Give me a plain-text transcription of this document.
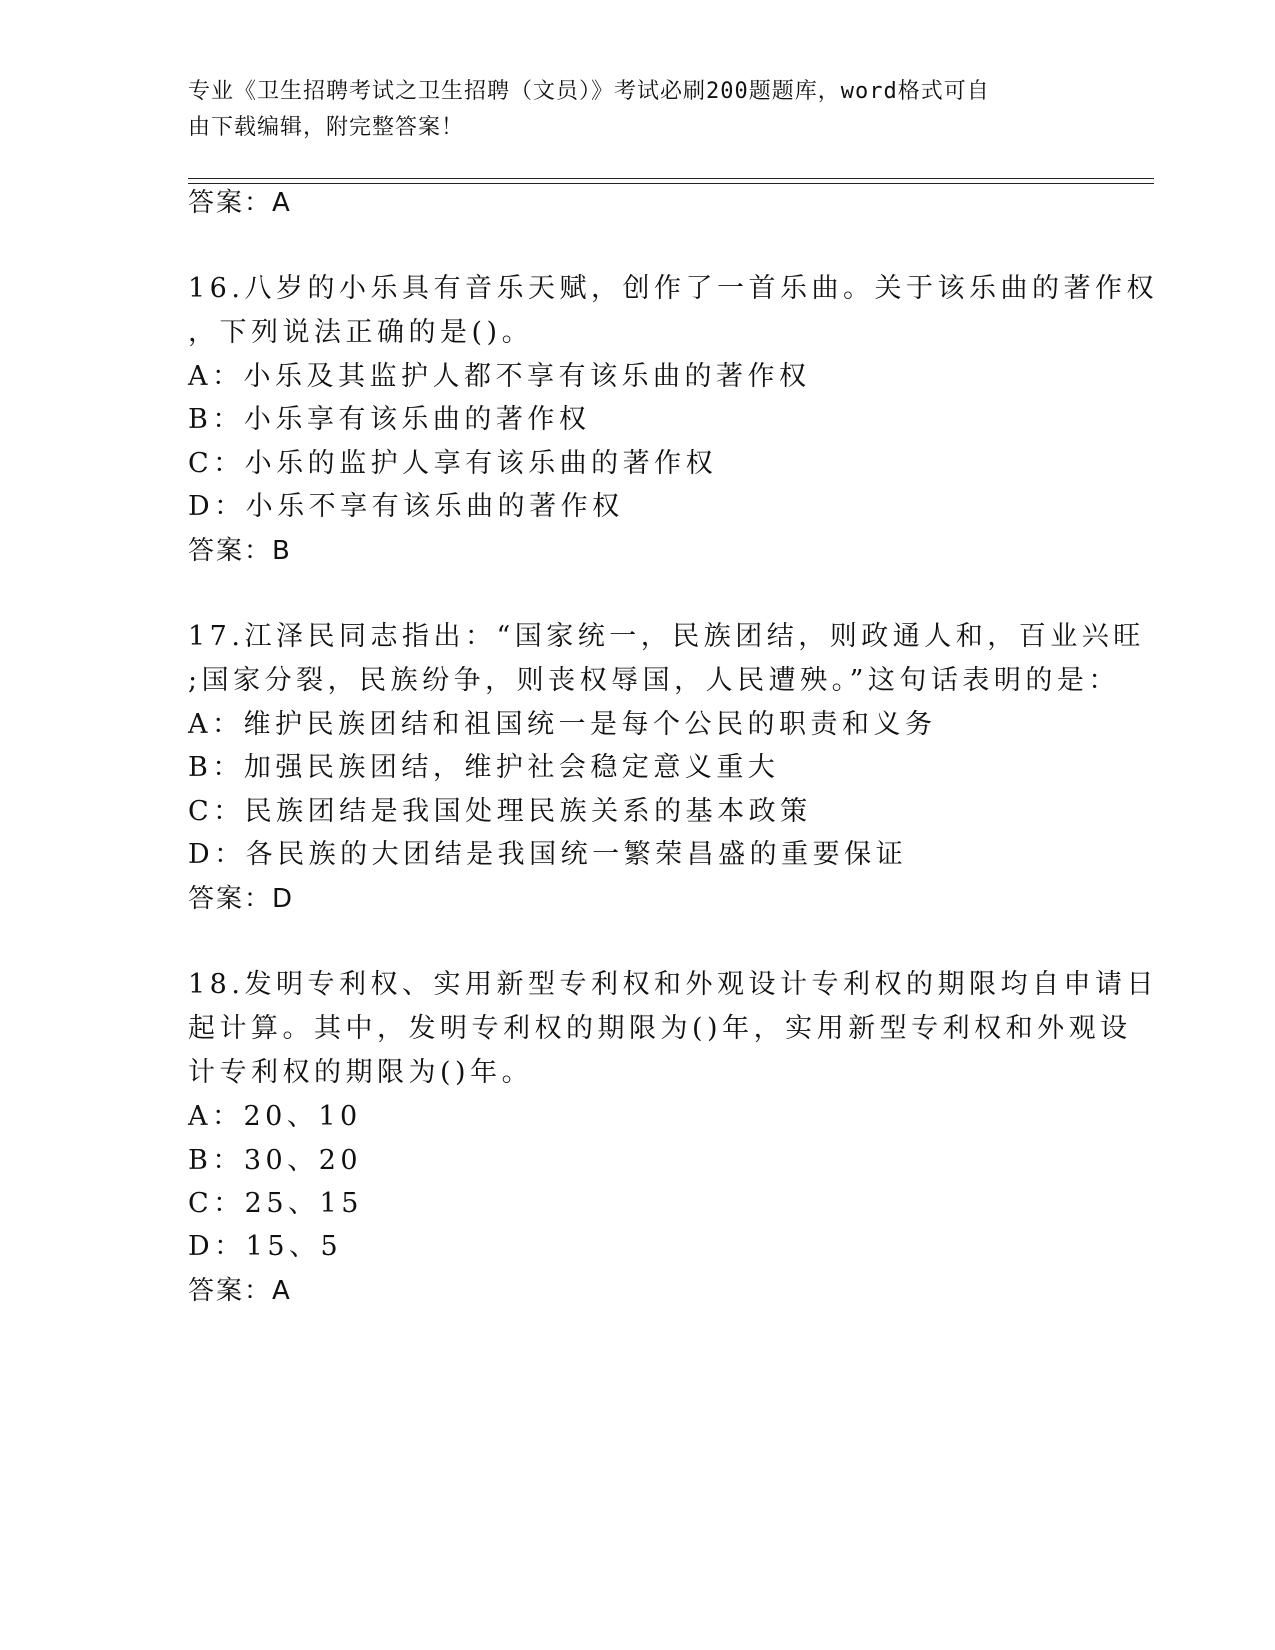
专业《卫生招聘考试之卫生招聘（文员）》考试必刷200题题库，word格式可自
由下载编辑，附完整答案！
答案：A
16.八岁的小乐具有音乐天赋，创作了一首乐曲。关于该乐曲的著作权
，下列说法正确的是()。
A：小乐及其监护人都不享有该乐曲的著作权
B：小乐享有该乐曲的著作权
C：小乐的监护人享有该乐曲的著作权
D：小乐不享有该乐曲的著作权
答案：B
17.江泽民同志指出：“国家统一，民族团结，则政通人和，百业兴旺
;国家分裂，民族纷争，则丧权辱国，人民遭殃。”这句话表明的是：
A：维护民族团结和祖国统一是每个公民的职责和义务
B：加强民族团结，维护社会稳定意义重大
C：民族团结是我国处理民族关系的基本政策
D：各民族的大团结是我国统一繁荣昌盛的重要保证
答案：D
18.发明专利权、实用新型专利权和外观设计专利权的期限均自申请日
起计算。其中，发明专利权的期限为()年，实用新型专利权和外观设
计专利权的期限为()年。
A：20、10
B：30、20
C：25、15
D：15、5
答案：A
